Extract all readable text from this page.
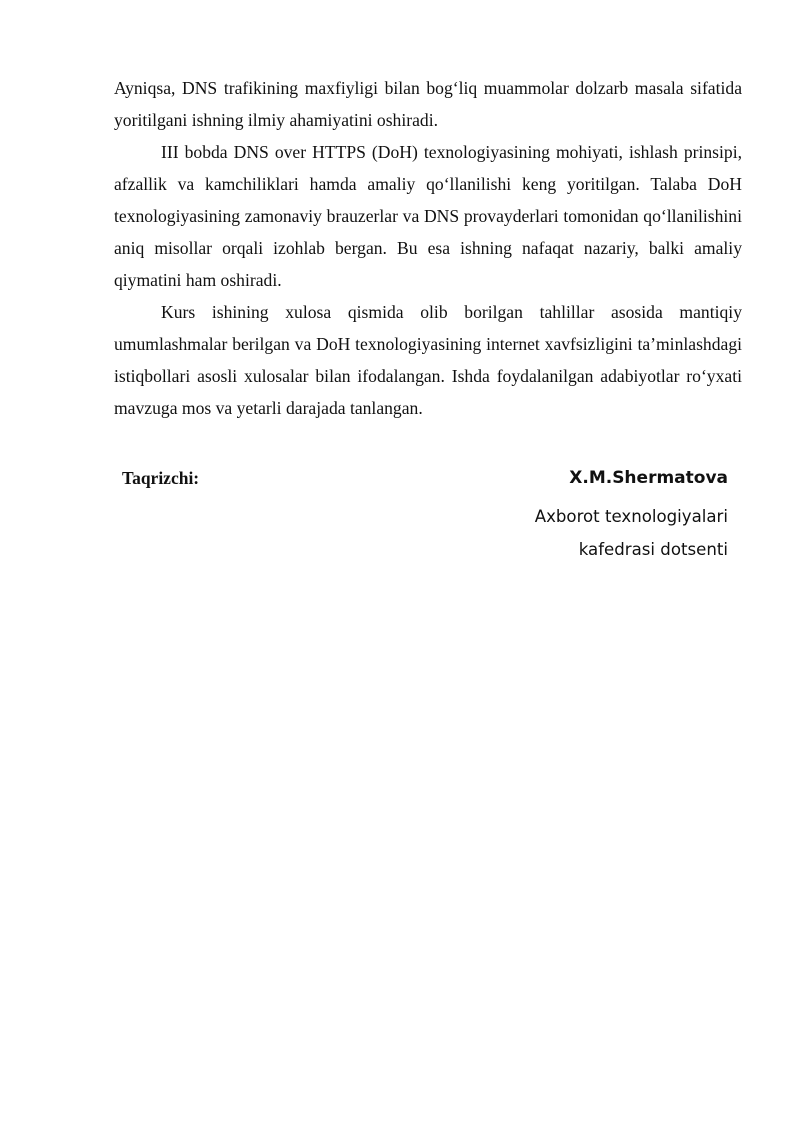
Ayniqsa, DNS trafikining maxfiyligi bilan bog‘liq muammolar dolzarb masala sifatida yoritilgani ishning ilmiy ahamiyatini oshiradi.

III bobda DNS over HTTPS (DoH) texnologiyasining mohiyati, ishlash prinsipi, afzallik va kamchiliklari hamda amaliy qo‘llanilishi keng yoritilgan. Talaba DoH texnologiyasining zamonaviy brauzerlar va DNS provayderlari tomonidan qo‘llanilishini aniq misollar orqali izohlab bergan. Bu esa ishning nafaqat nazariy, balki amaliy qiymatini ham oshiradi.

Kurs ishining xulosa qismida olib borilgan tahlillar asosida mantiqiy umumlashmalar berilgan va DoH texnologiyasining internet xavfsizligini ta’minlashdagi istiqbollari asosli xulosalar bilan ifodalangan. Ishda foydalanilgan adabiyotlar ro‘yxati mavzuga mos va yetarli darajada tanlangan.

Taqrizchi:	X.M.Shermatova
Axborot texnologiyalari
kafedrasi dotsenti
